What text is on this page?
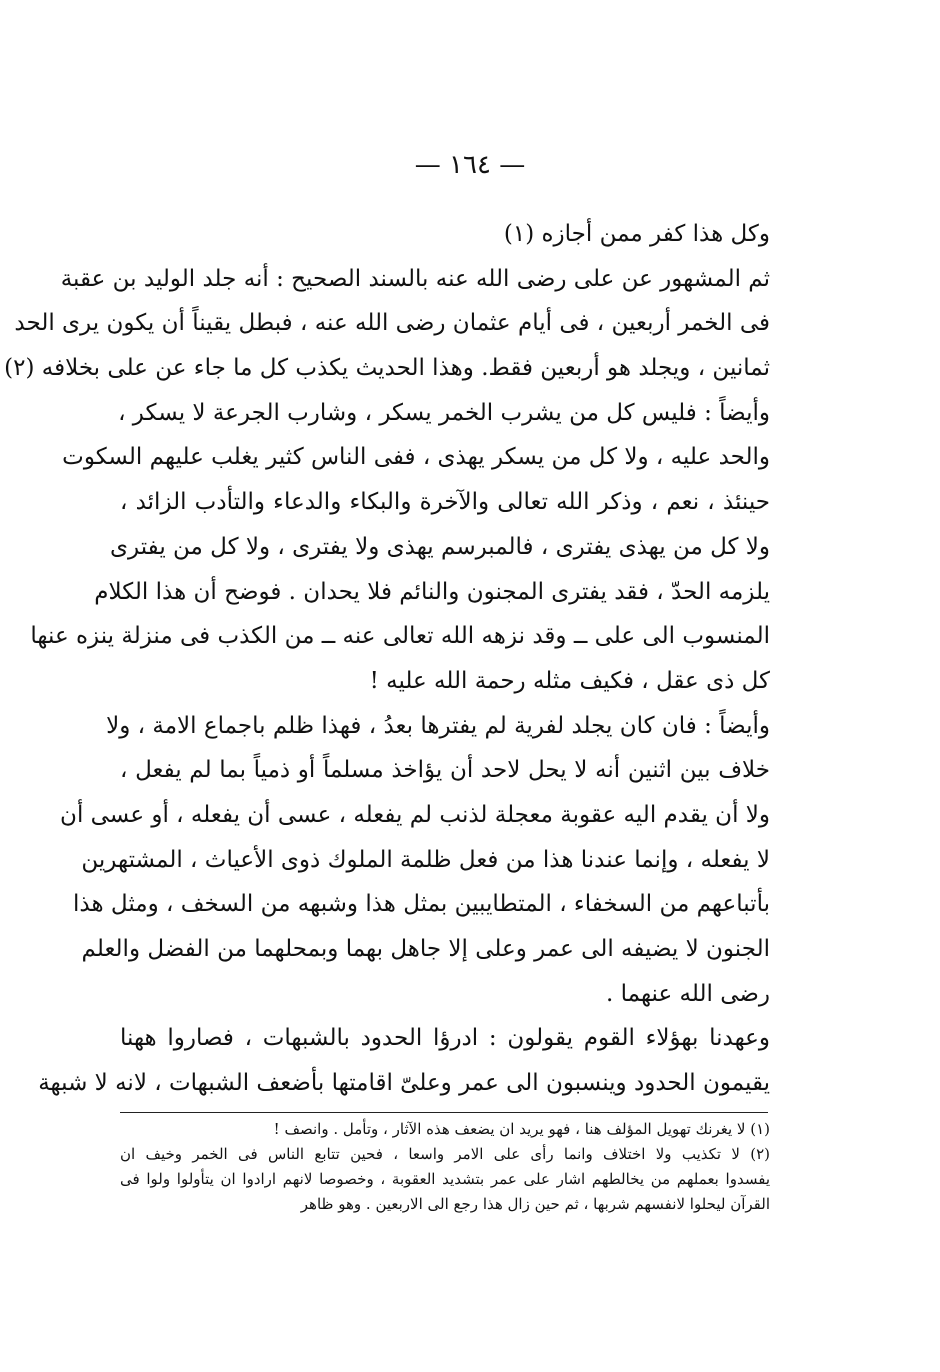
— ١٦٤ —
وكل هذا كفر ممن أجازه (١)
ثم المشهور عن على رضى الله عنه بالسند الصحيح : أنه جلد الوليد بن عقبة
فى الخمر أربعين ، فى أيام عثمان رضى الله عنه ، فبطل يقيناً أن يكون يرى الحد
ثمانين ، ويجلد هو أربعين فقط. وهذا الحديث يكذب كل ما جاء عن على بخلافه (٢)
وأيضاً : فليس كل من يشرب الخمر يسكر ، وشارب الجرعة لا يسكر ،
والحد عليه ، ولا كل من يسكر يهذى ، ففى الناس كثير يغلب عليهم السكوت
حينئذ ، نعم ، وذكر الله تعالى والآخرة والبكاء والدعاء والتأدب الزائد ،
ولا كل من يهذى يفترى ، فالمبرسم يهذى ولا يفترى ، ولا كل من يفترى
يلزمه الحدّ ، فقد يفترى المجنون والنائم فلا يحدان . فوضح أن هذا الكلام
المنسوب الى على ــ وقد نزهه الله تعالى عنه ــ من الكذب فى منزلة ينزه عنها
كل ذى عقل ، فكيف مثله رحمة الله عليه !
وأيضاً : فان كان يجلد لفرية لم يفترها بعدُ ، فهذا ظلم باجماع الامة ، ولا
خلاف بين اثنين أنه لا يحل لاحد أن يؤاخذ مسلماً أو ذمياً بما لم يفعل ،
ولا أن يقدم اليه عقوبة معجلة لذنب لم يفعله ، عسى أن يفعله ، أو عسى أن
لا يفعله ، وإنما عندنا هذا من فعل ظلمة الملوك ذوى الأعياث ، المشتهرين
بأتباعهم من السخفاء ، المتطايبين بمثل هذا وشبهه من السخف ، ومثل هذا
الجنون لا يضيفه الى عمر وعلى إلا جاهل بهما وبمحلهما من الفضل والعلم
رضى الله عنهما .
وعهدنا بهؤلاء القوم يقولون : ادرؤا الحدود بالشبهات ، فصاروا ههنا
يقيمون الحدود وينسبون الى عمر وعلىّ اقامتها بأضعف الشبهات ، لانه لا شبهة
(١) لا يغرنك تهويل المؤلف هنا ، فهو يريد ان يضعف هذه الآثار ، وتأمل . وانصف !
(٢) لا تكذيب ولا اختلاف وانما رأى على الامر واسعا ، فحين تتابع الناس فى الخمر وخيف ان
يفسدوا بعملهم من يخالطهم اشار على عمر بتشديد العقوبة ، وخصوصا لانهم ارادوا ان يتأولوا ولوا فى
القرآن ليحلوا لانفسهم شربها ، ثم حين زال هذا رجع الى الاربعين . وهو ظاهر
